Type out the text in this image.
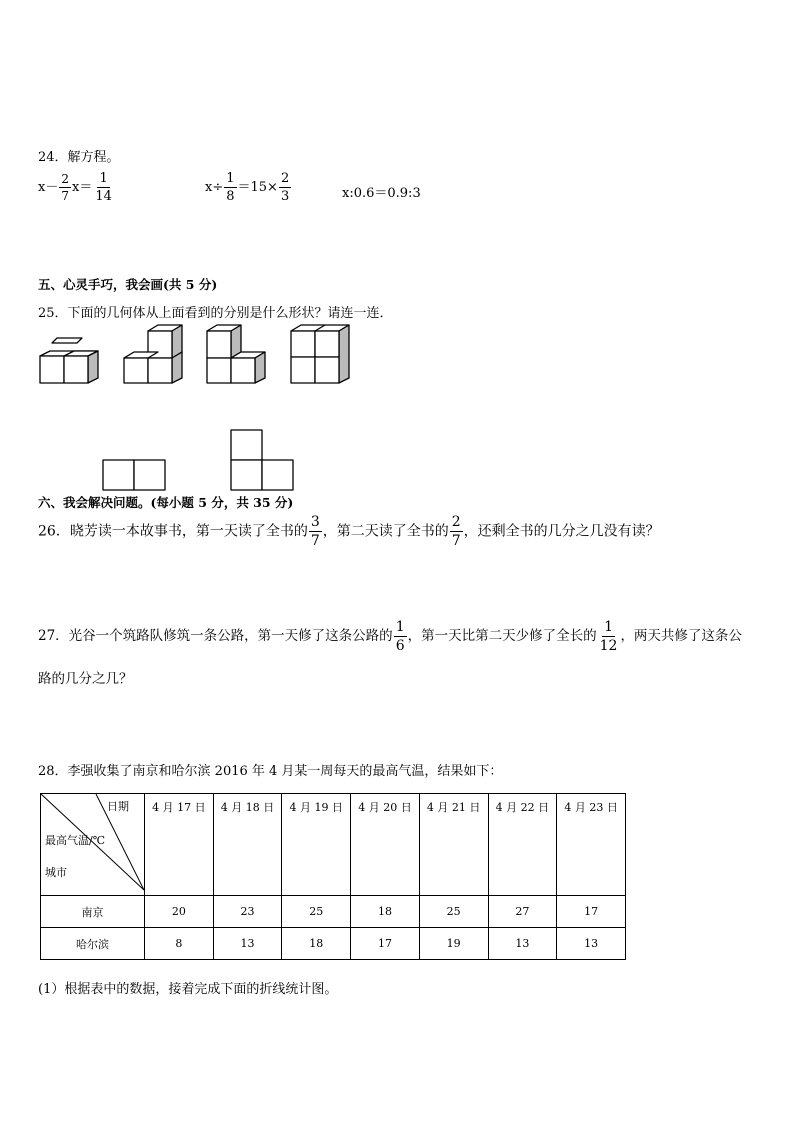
24．解方程。
$x- \frac{2}{7} x= \frac{1}{14}$	$x\div \frac{1}{8} =15\times \frac{2}{3}$	x:0.6＝0.9:3
五、心灵手巧，我会画(共 5 分)
25．下面的几何体从上面看到的分别是什么形状？请连一连．
六、我会解决问题。(每小题 5 分，共 35 分)
26．晓芳读一本故事书，第一天读了全书的 $\frac{3}{7}$ ，第二天读了全书的 $\frac{2}{7}$ ，还剩全书的几分之几没有读？
27．光谷一个筑路队修筑一条公路，第一天修了这条公路的 $\frac{1}{6}$ ，第一天比第二天少修了全长的 $\frac{1}{12}$ ，两天共修了这条公
路的几分之几？
28．李强收集了南京和哈尔滨 2016 年 4 月某一周每天的最高气温，结果如下：
日期
最高气温/℃
城市	4 月 17 日	4 月 18 日	4 月 19 日	4 月 20 日	4 月 21 日	4 月 22 日	4 月 23 日
南京	20	23	25	18	25	27	17
哈尔滨	8	13	18	17	19	13	13
(1）根据表中的数据，接着完成下面的折线统计图。
